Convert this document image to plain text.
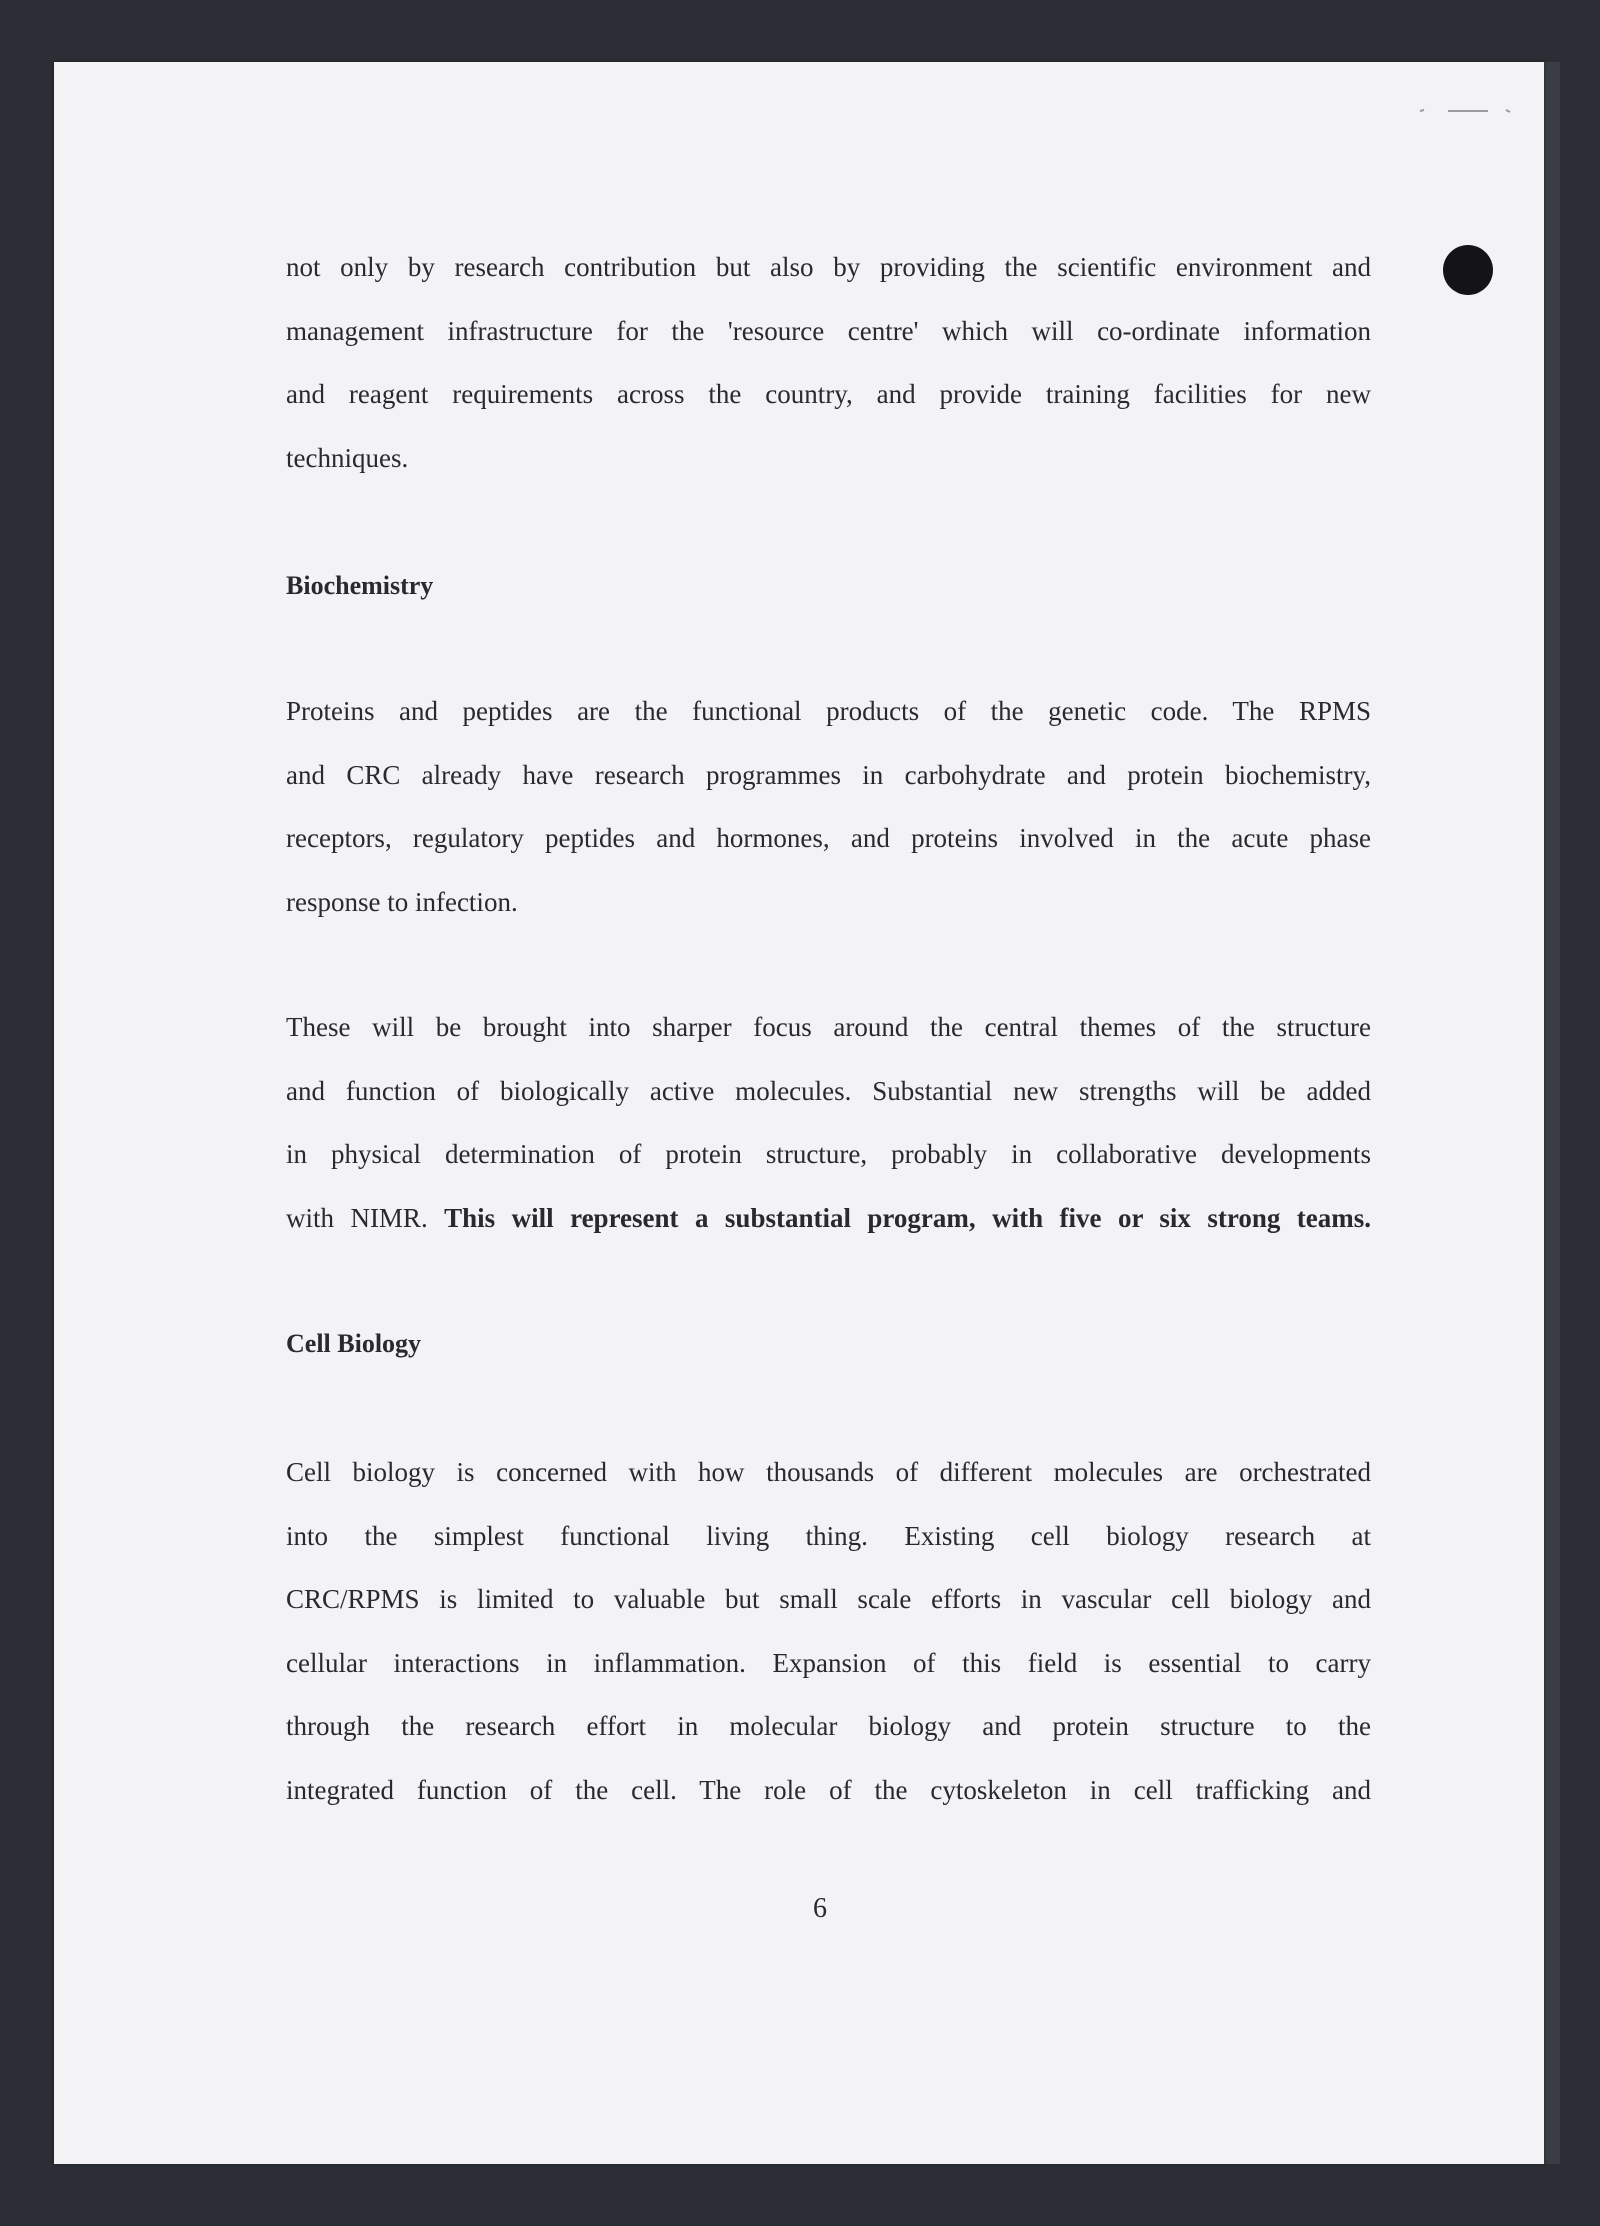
not only by research contribution but also by providing the scientific environment and
management infrastructure for the 'resource centre' which will co-ordinate information
and reagent requirements across the country, and provide training facilities for new
techniques.
Biochemistry
Proteins and peptides are the functional products of the genetic code. The RPMS
and CRC already have research programmes in carbohydrate and protein biochemistry,
receptors, regulatory peptides and hormones, and proteins involved in the acute phase
response to infection.
These will be brought into sharper focus around the central themes of the structure
and function of biologically active molecules. Substantial new strengths will be added
in physical determination of protein structure, probably in collaborative developments
with NIMR. This will represent a substantial program, with five or six strong teams.
Cell Biology
Cell biology is concerned with how thousands of different molecules are orchestrated
into the simplest functional living thing. Existing cell biology research at
CRC/RPMS is limited to valuable but small scale efforts in vascular cell biology and
cellular interactions in inflammation. Expansion of this field is essential to carry
through the research effort in molecular biology and protein structure to the
integrated function of the cell. The role of the cytoskeleton in cell trafficking and
6
